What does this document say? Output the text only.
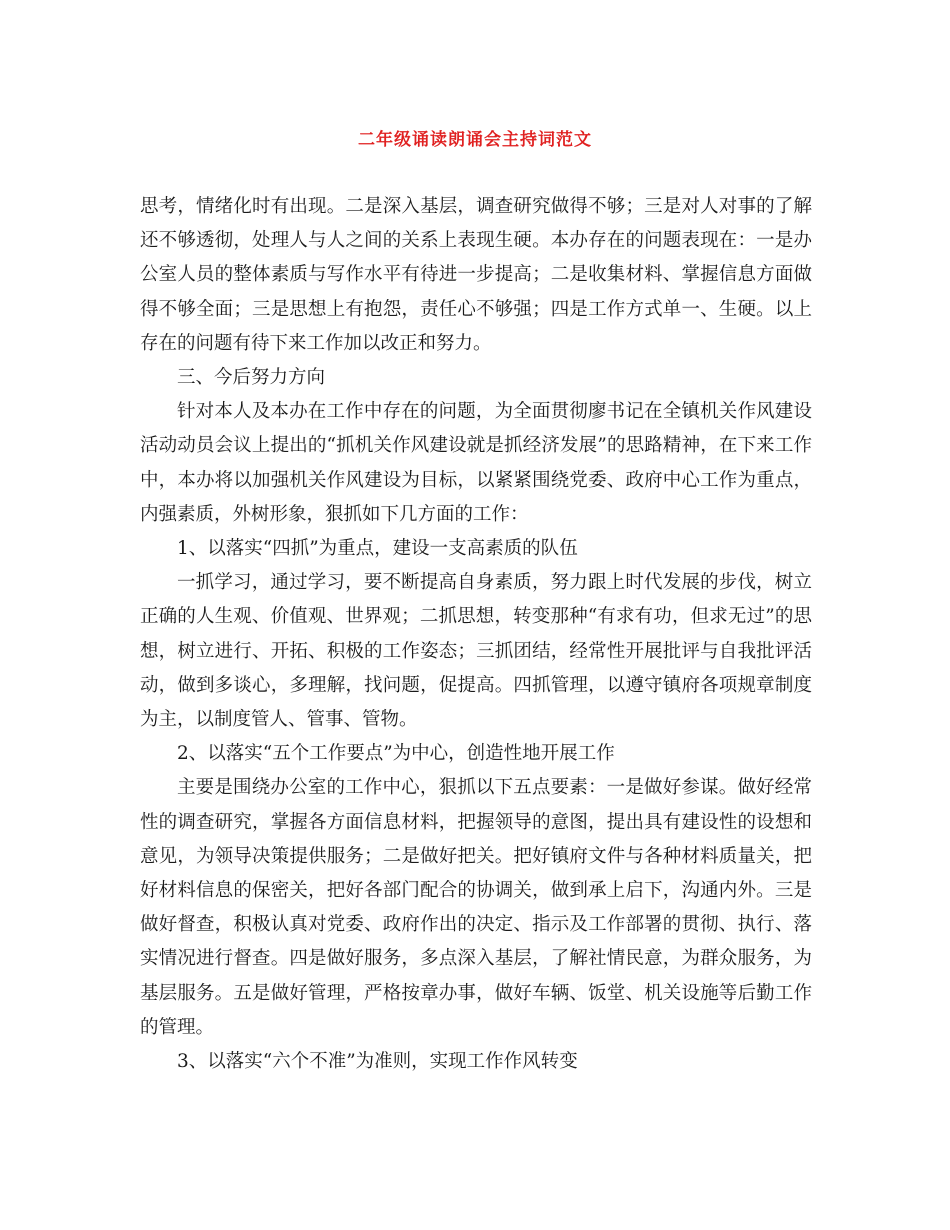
二年级诵读朗诵会主持词范文

思考，情绪化时有出现。二是深入基层，调查研究做得不够；三是对人对事的了解还不够透彻，处理人与人之间的关系上表现生硬。本办存在的问题表现在：一是办公室人员的整体素质与写作水平有待进一步提高；二是收集材料、掌握信息方面做得不够全面；三是思想上有抱怨，责任心不够强；四是工作方式单一、生硬。以上存在的问题有待下来工作加以改正和努力。

三、今后努力方向

针对本人及本办在工作中存在的问题，为全面贯彻廖书记在全镇机关作风建设活动动员会议上提出的“抓机关作风建设就是抓经济发展”的思路精神，在下来工作中，本办将以加强机关作风建设为目标，以紧紧围绕党委、政府中心工作为重点，内强素质，外树形象，狠抓如下几方面的工作：

1、以落实“四抓”为重点，建设一支高素质的队伍

一抓学习，通过学习，要不断提高自身素质，努力跟上时代发展的步伐，树立正确的人生观、价值观、世界观；二抓思想，转变那种“有求有功，但求无过”的思想，树立进行、开拓、积极的工作姿态；三抓团结，经常性开展批评与自我批评活动，做到多谈心，多理解，找问题，促提高。四抓管理，以遵守镇府各项规章制度为主，以制度管人、管事、管物。

2、以落实“五个工作要点”为中心，创造性地开展工作

主要是围绕办公室的工作中心，狠抓以下五点要素：一是做好参谋。做好经常性的调查研究，掌握各方面信息材料，把握领导的意图，提出具有建设性的设想和意见，为领导决策提供服务；二是做好把关。把好镇府文件与各种材料质量关，把好材料信息的保密关，把好各部门配合的协调关，做到承上启下，沟通内外。三是做好督查，积极认真对党委、政府作出的决定、指示及工作部署的贯彻、执行、落实情况进行督查。四是做好服务，多点深入基层，了解社情民意，为群众服务，为基层服务。五是做好管理，严格按章办事，做好车辆、饭堂、机关设施等后勤工作的管理。

3、以落实“六个不准”为准则，实现工作作风转变
